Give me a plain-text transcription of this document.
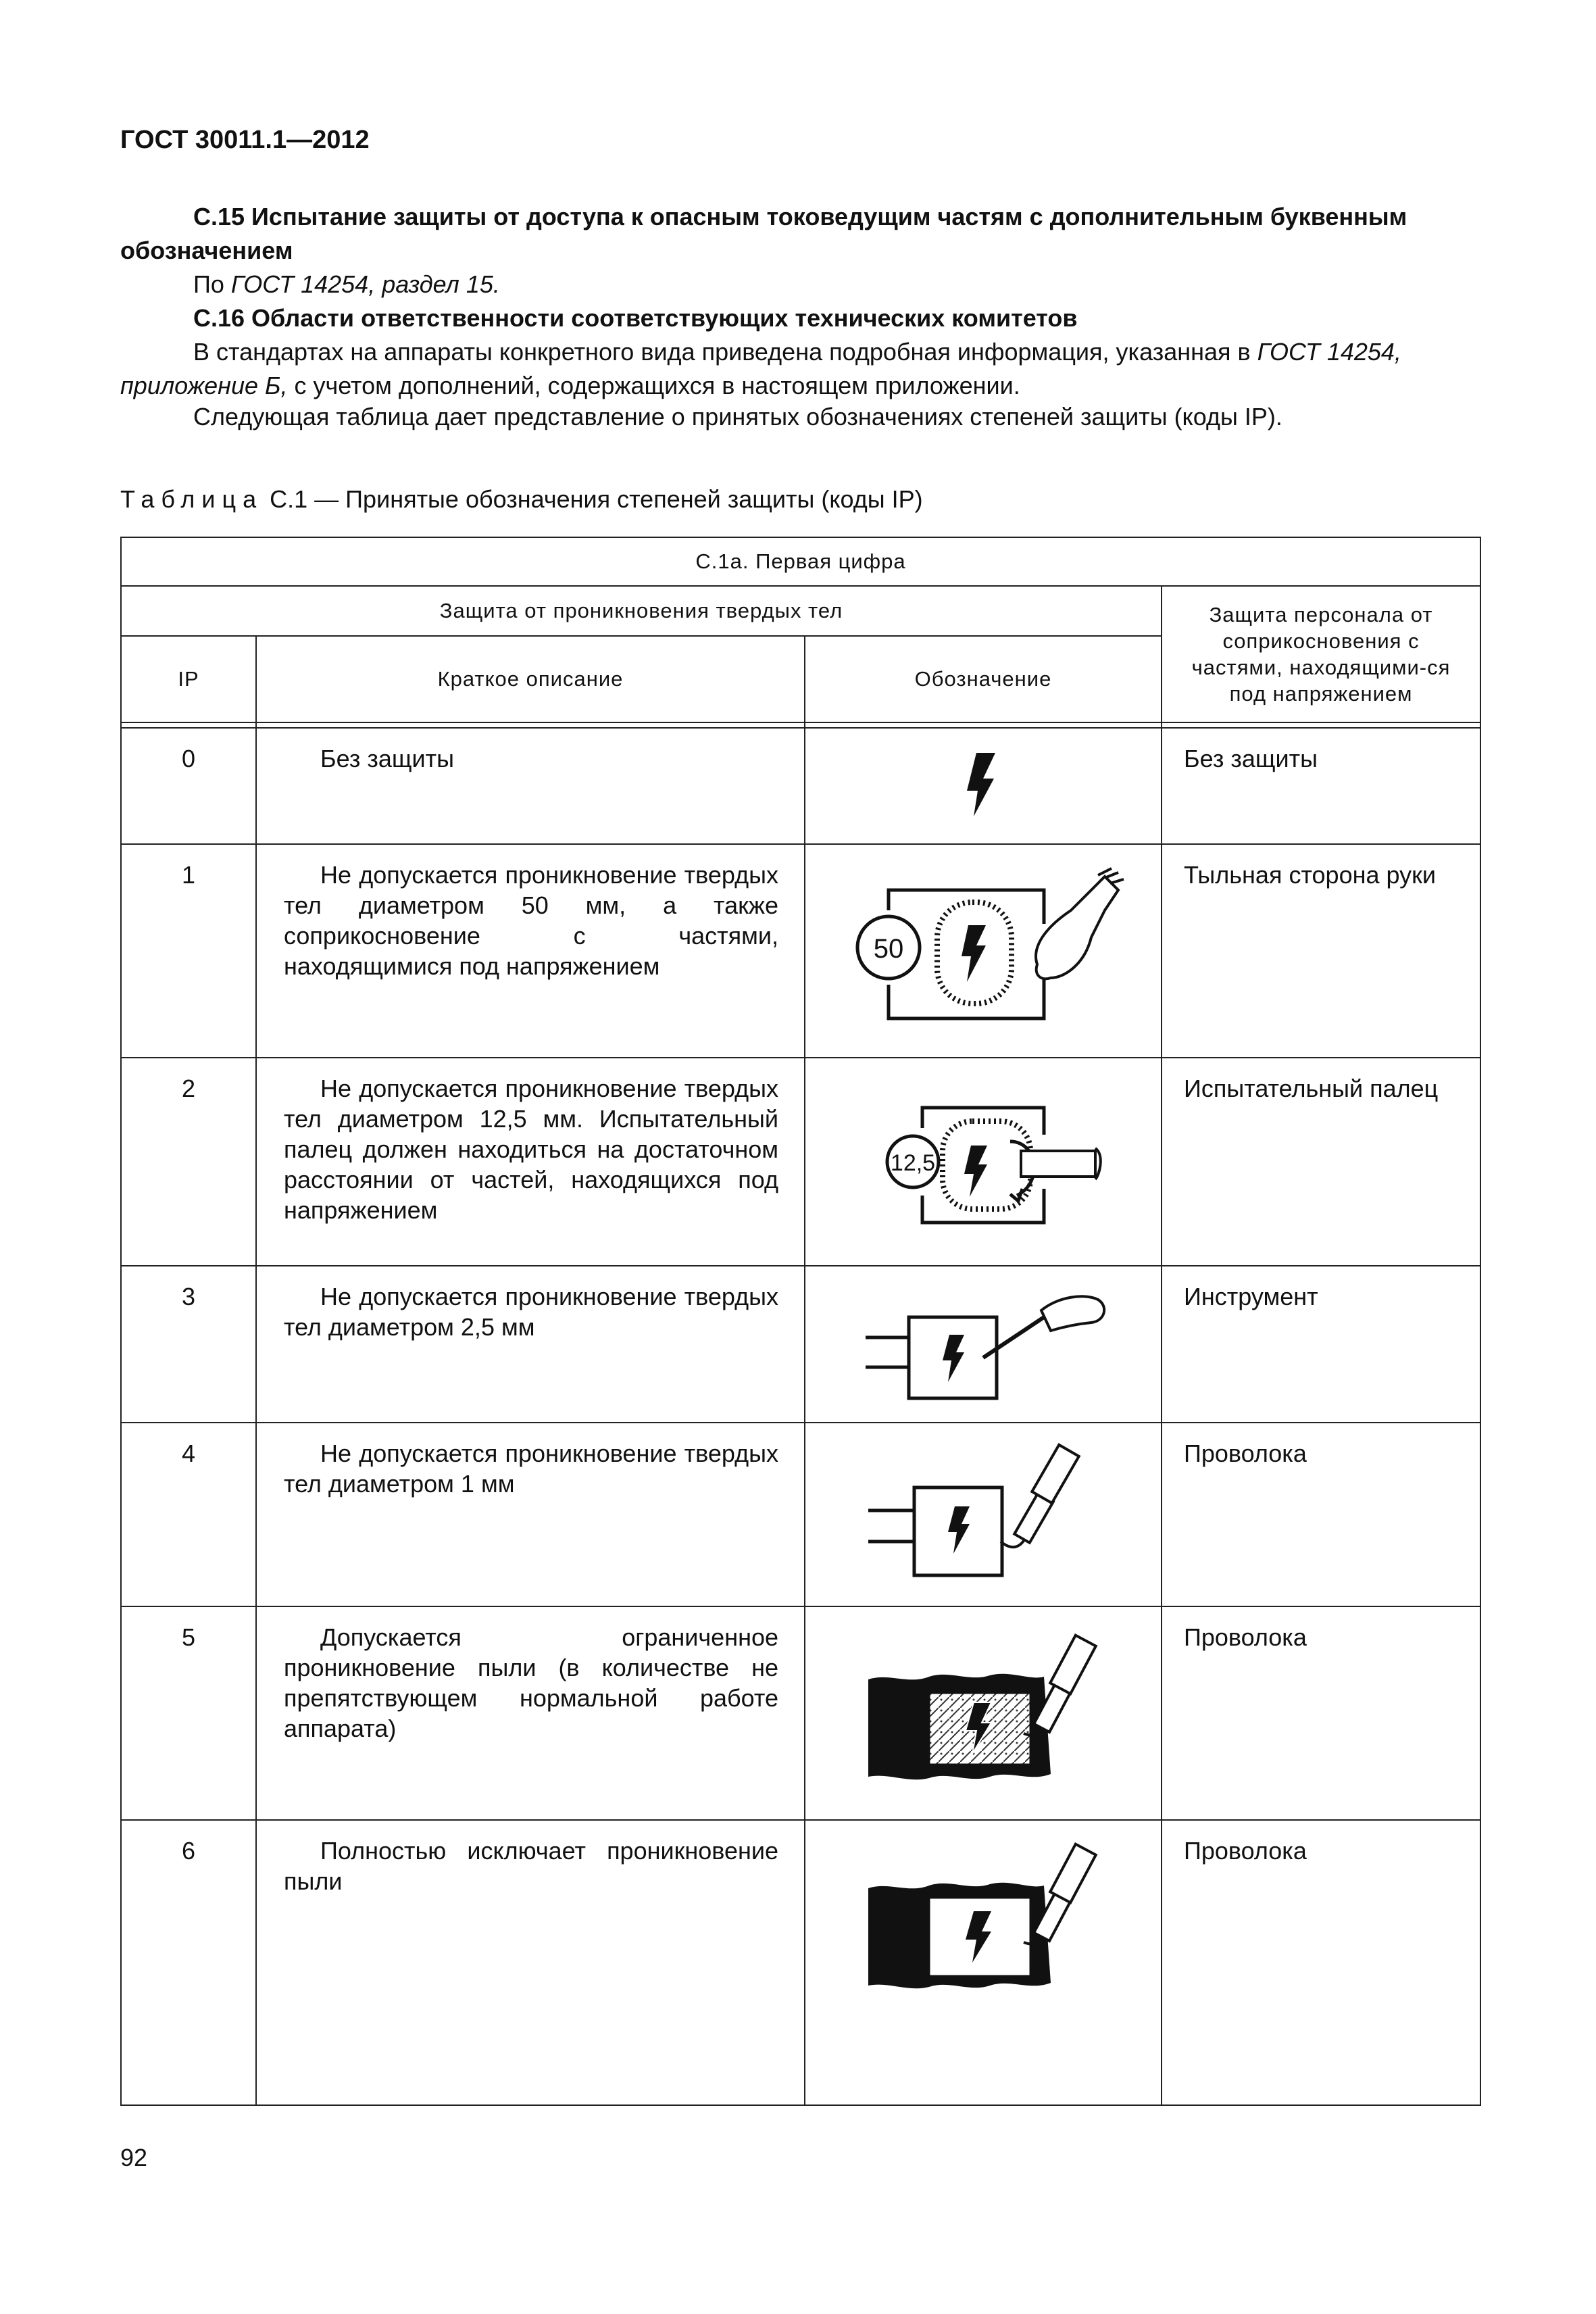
ГОСТ 30011.1—2012
С.15 Испытание защиты от доступа к опасным токоведущим частям с дополнительным буквенным обозначением
По ГОСТ 14254, раздел 15.
С.16 Области ответственности соответствующих технических комитетов
В стандартах на аппараты конкретного вида приведена подробная информация, указанная в ГОСТ 14254, приложение Б, с учетом дополнений, содержащихся в настоящем приложении.
Следующая таблица дает представление о принятых обозначениях степеней защиты (коды IP).
Таблица С.1 — Принятые обозначения степеней защиты (коды IP)
С.1а. Первая цифра			
Защита от проникновения твердых тел			Защита персонала от соприкосновения с частями, находящими-ся под напряжением
IP	Краткое описание	Обозначение	

0	Без защиты		Без защиты
1	Не допускается проникновение твердых тел диаметром 50 мм, а также соприкосновение с частями, находящимися под напряжением	50	Тыльная сторона руки
2	Не допускается проникновение твердых тел диаметром 12,5 мм. Испытательный палец должен находиться на достаточном расстоянии от частей, находящихся под напряжением	12,5	Испытательный палец
3	Не допускается проникновение твердых тел диаметром 2,5 мм		Инструмент
4	Не допускается проникновение твердых тел диаметром 1 мм		Проволока
5	Допускается ограниченное проникновение пыли (в количестве не препятствующем нормальной работе аппарата)		Проволока
6	Полностью исключает проникновение пыли		Проволока
92
